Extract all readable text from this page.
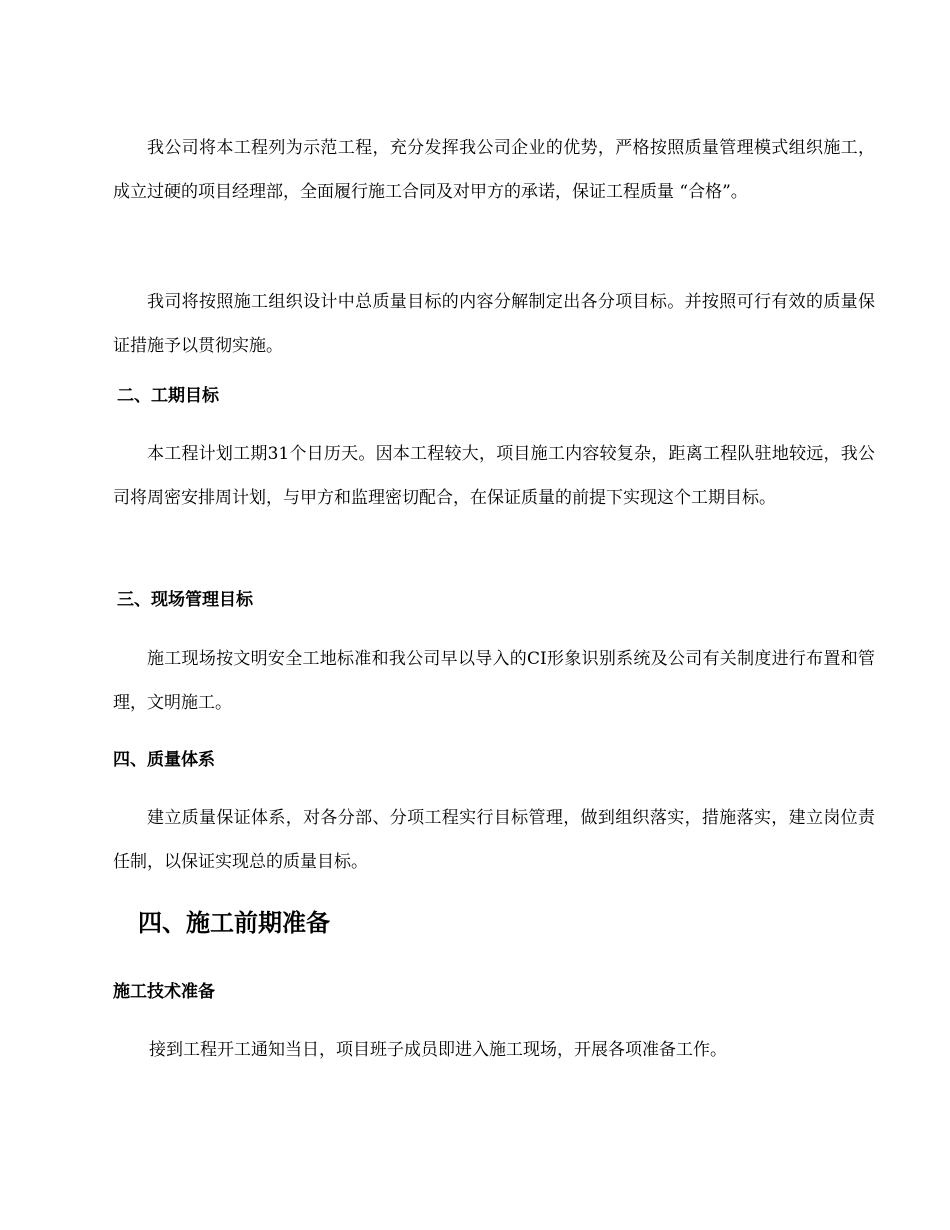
我公司将本工程列为示范工程，充分发挥我公司企业的优势，严格按照质量管理模式组织施工，成立过硬的项目经理部，全面履行施工合同及对甲方的承诺，保证工程质量 “合格”。

我司将按照施工组织设计中总质量目标的内容分解制定出各分项目标。并按照可行有效的质量保证措施予以贯彻实施。

二、工期目标

本工程计划工期31个日历天。因本工程较大，项目施工内容较复杂，距离工程队驻地较远，我公司将周密安排周计划，与甲方和监理密切配合，在保证质量的前提下实现这个工期目标。

三、现场管理目标

施工现场按文明安全工地标准和我公司早以导入的CI形象识别系统及公司有关制度进行布置和管理，文明施工。

四、质量体系

建立质量保证体系，对各分部、分项工程实行目标管理，做到组织落实，措施落实，建立岗位责任制，以保证实现总的质量目标。

四、施工前期准备
施工技术准备

接到工程开工通知当日，项目班子成员即进入施工现场，开展各项准备工作。
